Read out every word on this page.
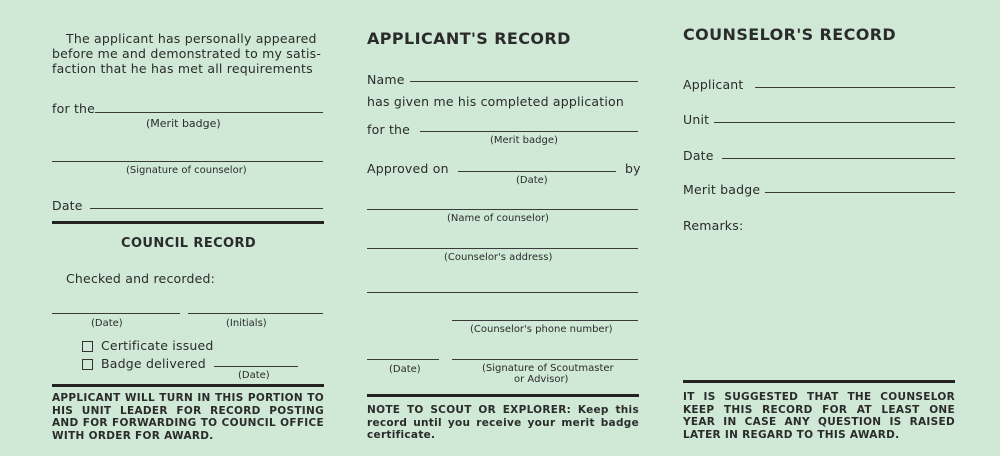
The applicant has personally appeared
before me and demonstrated to my satis-
faction that he has met all requirements
for the
(Merit badge)
(Signature of counselor)
Date
COUNCIL RECORD
Checked and recorded:
(Date)	(Initials)
Certificate issued
Badge delivered
(Date)
APPLICANT WILL TURN IN THIS PORTION TO HIS UNIT LEADER FOR RECORD POSTING AND FOR FORWARDING TO COUNCIL OFFICE WITH ORDER FOR AWARD.
APPLICANT'S RECORD
Name
has given me his completed application
for the
(Merit badge)
Approved on	by
(Date)
(Name of counselor)
(Counselor's address)
(Counselor's phone number)
(Date)	(Signature of Scoutmaster
or Advisor)
NOTE TO SCOUT OR EXPLORER: Keep this record until you receive your merit badge certificate.
COUNSELOR'S RECORD
Applicant
Unit
Date
Merit badge
Remarks:
IT IS SUGGESTED THAT THE COUNSELOR KEEP THIS RECORD FOR AT LEAST ONE YEAR IN CASE ANY QUESTION IS RAISED LATER IN REGARD TO THIS AWARD.
